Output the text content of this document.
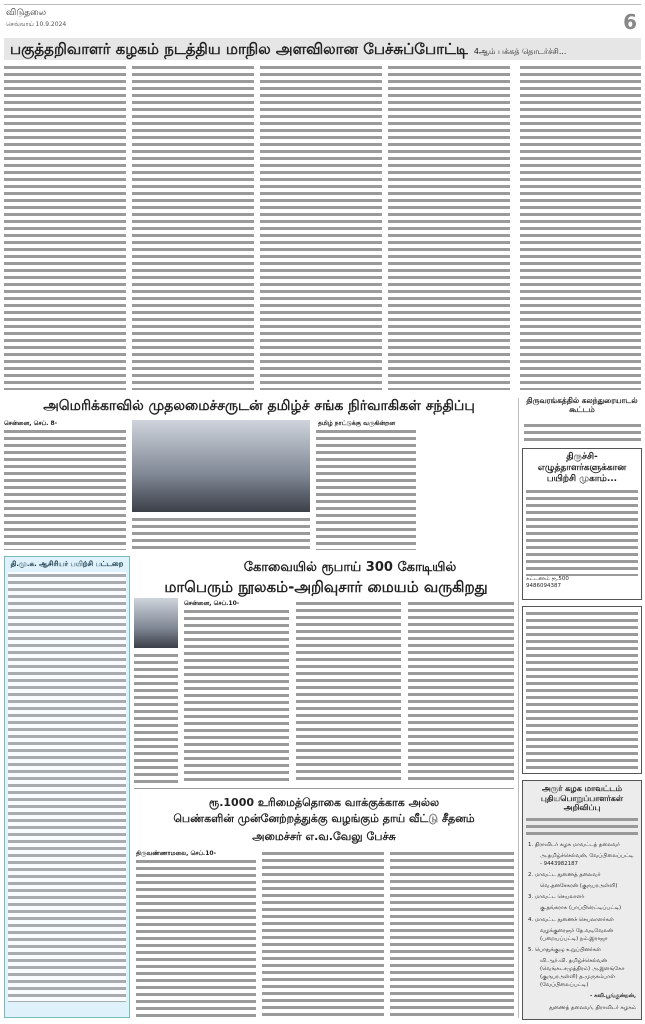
விடுதலை
செவ்வாய் 10.9.2024	6
பகுத்தறிவாளர் கழகம் நடத்திய மாநில அளவிலான பேச்சுப்போட்டி 4ஆம் பக்கத் தொடர்ச்சி...
அமெரிக்காவில் முதலமைச்சருடன் தமிழ்ச் சங்க நிர்வாகிகள் சந்திப்பு
சென்னை, செப். 8-	தமிழ் நாட்டுக்கு வருகின்றன
திருவரங்கத்தில் கலந்துரையாடல் கூட்டம்
திருச்சி-எழுத்தாளர்களுக்கான பயிற்சி முகாம்...
கட்டணம் ரூ.500
9486094387
தி.மு.க. ஆசிரியர் பயிற்சி பட்டறை	கோவையில் ரூபாய் 300 கோடியில்
மாபெரும் நூலகம்-அறிவுசார் மையம் வருகிறது
சென்னை, செப்.10-
ரூ.1000 உரிமைத்தொகை வாக்குக்காக அல்ல
பெண்களின் முன்னேற்றத்துக்கு வழங்கும் தாய் வீட்டு சீதனம்
அமைச்சர் எ.வ.வேலு பேச்சு
திருவண்ணாமலை, செப்.10-
அருர் கழக மாவட்டம்
புதியபொறுப்பாளர்கள் அறிவிப்பு
1. திராவிடர் கழக மாவட்டத் தலைவர்
அ.தமிழ்ச்செல்வன், வேப்பிலைப்பட்டி - 9443982187
2. மாவட்ட துணைத் தலைவர்
வெ.தனசேகரன் (குருபரஅள்ளி)
3. மாவட்ட செயலாளர்
கு.தங்கராசு (பாப்பிரெட்டிப்பட்டி)
4. மாவட்ட துணைச் செயலாளர்கள்
வழக்குரைஞர் தே.வடிவேலன் (பறையப்பட்டி) நம்.இராஜா
5. பொதுக்குழு உறுப்பினர்கள்
வி.ஆர்.வி. தமிழ்ச்செல்வன் (வெங்கடசமுத்திரம்) அ.இளங்கோ (குருபரஅள்ளி) த.முருகம்பாள் (வேப்பிலைப்பட்டி)
- கவி.பூங்குன்றன்,
துணைத் தலைவர், திராவிடர் கழகம்
